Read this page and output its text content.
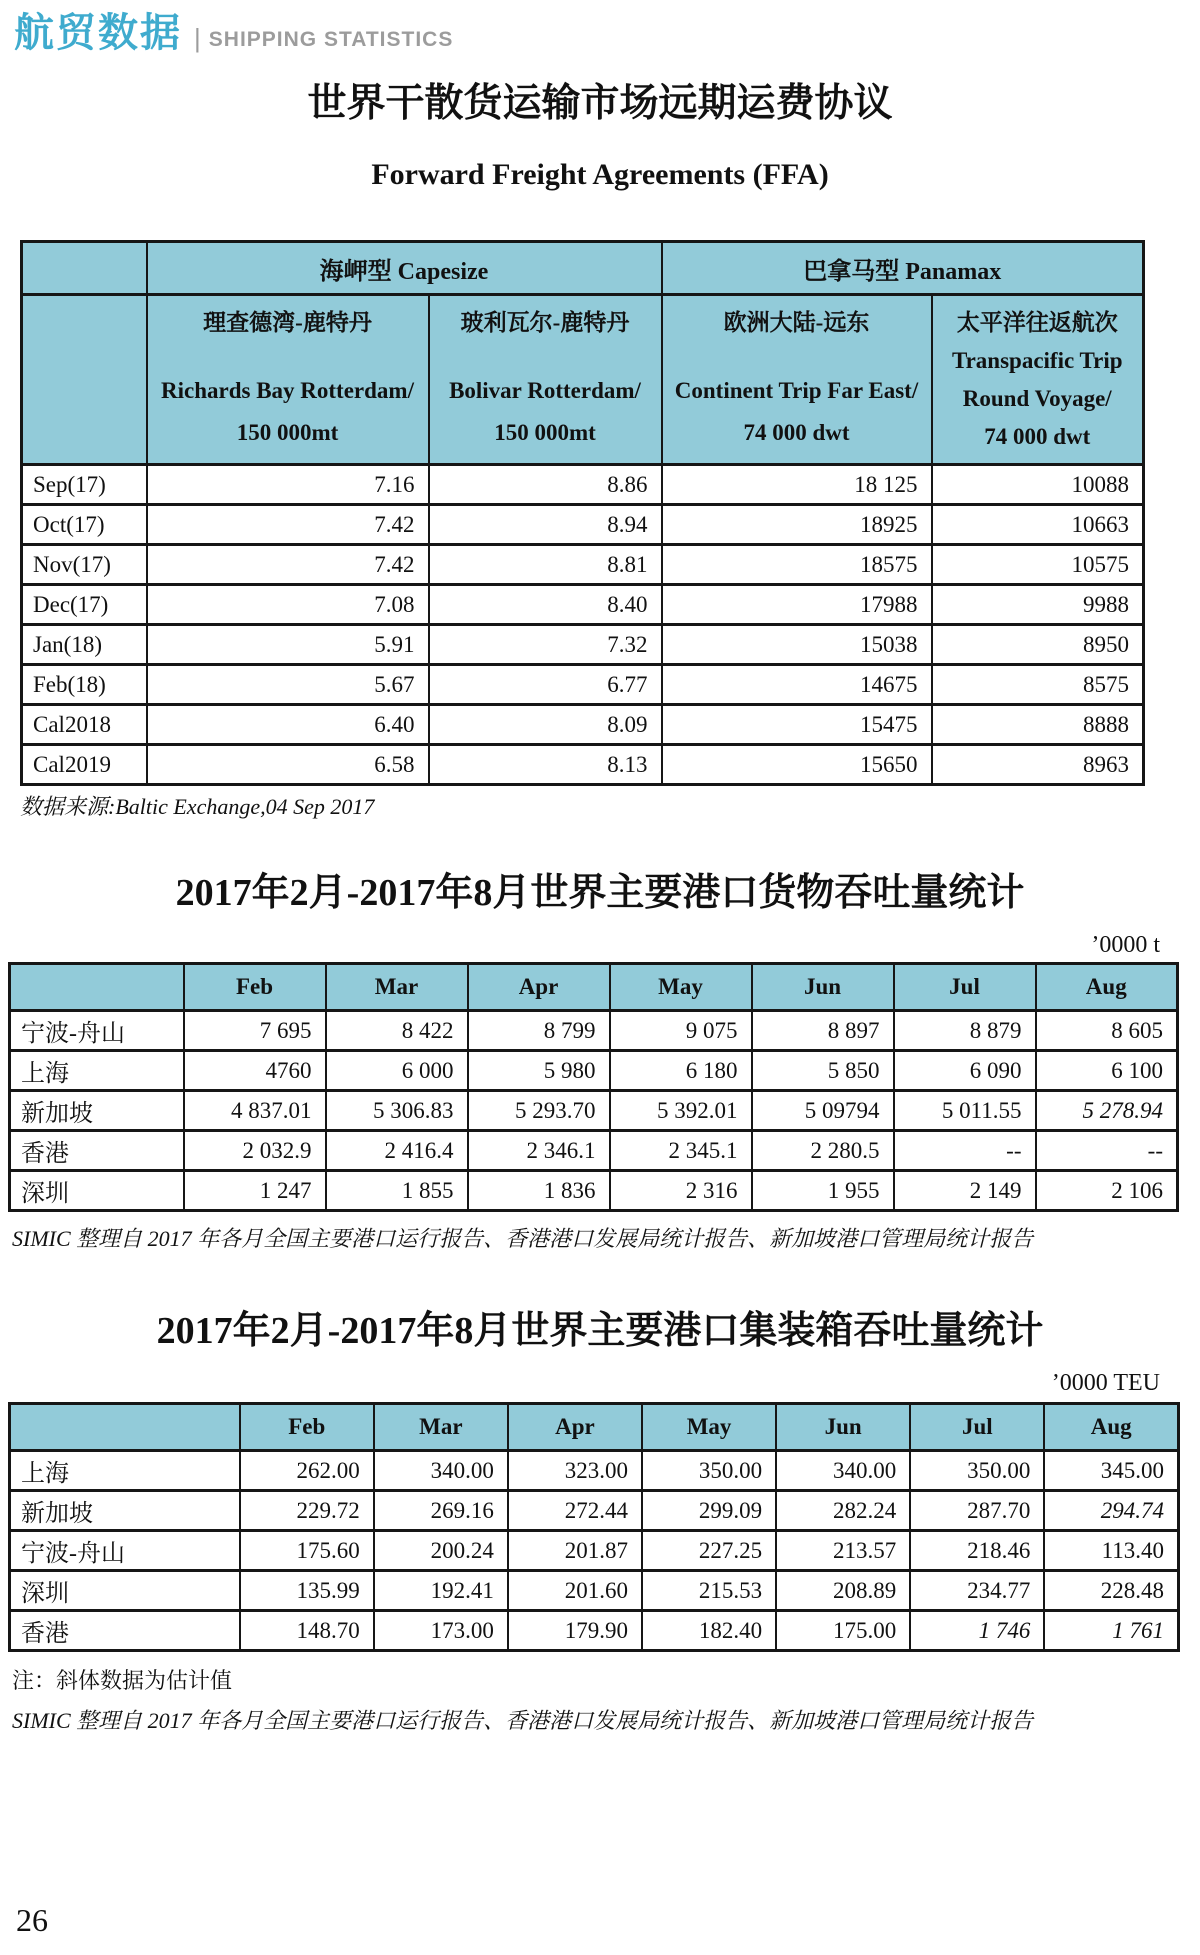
航贸数据 | SHIPPING STATISTICS
世界干散货运输市场远期运费协议
Forward Freight Agreements (FFA)
	海岬型 Capesize		巴拿马型 Panamax	

理查德湾-鹿特丹
Richards Bay Rotterdam/
150 000mt

玻利瓦尔-鹿特丹
Bolivar Rotterdam/
150 000mt

欧洲大陆-远东
Continent Trip Far East/
74 000 dwt

太平洋往返航次
Transpacific Trip
Round Voyage/
74 000 dwt

Sep(17)	7.16	8.86	18 125	10088
Oct(17)	7.42	8.94	18925	10663
Nov(17)	7.42	8.81	18575	10575
Dec(17)	7.08	8.40	17988	9988
Jan(18)	5.91	7.32	15038	8950
Feb(18)	5.67	6.77	14675	8575
Cal2018	6.40	8.09	15475	8888
Cal2019	6.58	8.13	15650	8963
数据来源:Baltic Exchange,04 Sep 2017
2017年2月-2017年8月世界主要港口货物吞吐量统计
’0000 t
	Feb	Mar	Apr	May	Jun	Jul	Aug
宁波-舟山	7 695	8 422	8 799	9 075	8 897	8 879	8 605
上海	4760	6 000	5 980	6 180	5 850	6 090	6 100
新加坡	4 837.01	5 306.83	5 293.70	5 392.01	5 09794	5 011.55	5 278.94
香港	2 032.9	2 416.4	2 346.1	2 345.1	2 280.5	--	--
深圳	1 247	1 855	1 836	2 316	1 955	2 149	2 106
SIMIC 整理自 2017 年各月全国主要港口运行报告、香港港口发展局统计报告、新加坡港口管理局统计报告
2017年2月-2017年8月世界主要港口集装箱吞吐量统计
’0000 TEU
	Feb	Mar	Apr	May	Jun	Jul	Aug
上海	262.00	340.00	323.00	350.00	340.00	350.00	345.00
新加坡	229.72	269.16	272.44	299.09	282.24	287.70	294.74
宁波-舟山	175.60	200.24	201.87	227.25	213.57	218.46	113.40
深圳	135.99	192.41	201.60	215.53	208.89	234.77	228.48
香港	148.70	173.00	179.90	182.40	175.00	1 746	1 761
注：斜体数据为估计值
SIMIC 整理自 2017 年各月全国主要港口运行报告、香港港口发展局统计报告、新加坡港口管理局统计报告
26
